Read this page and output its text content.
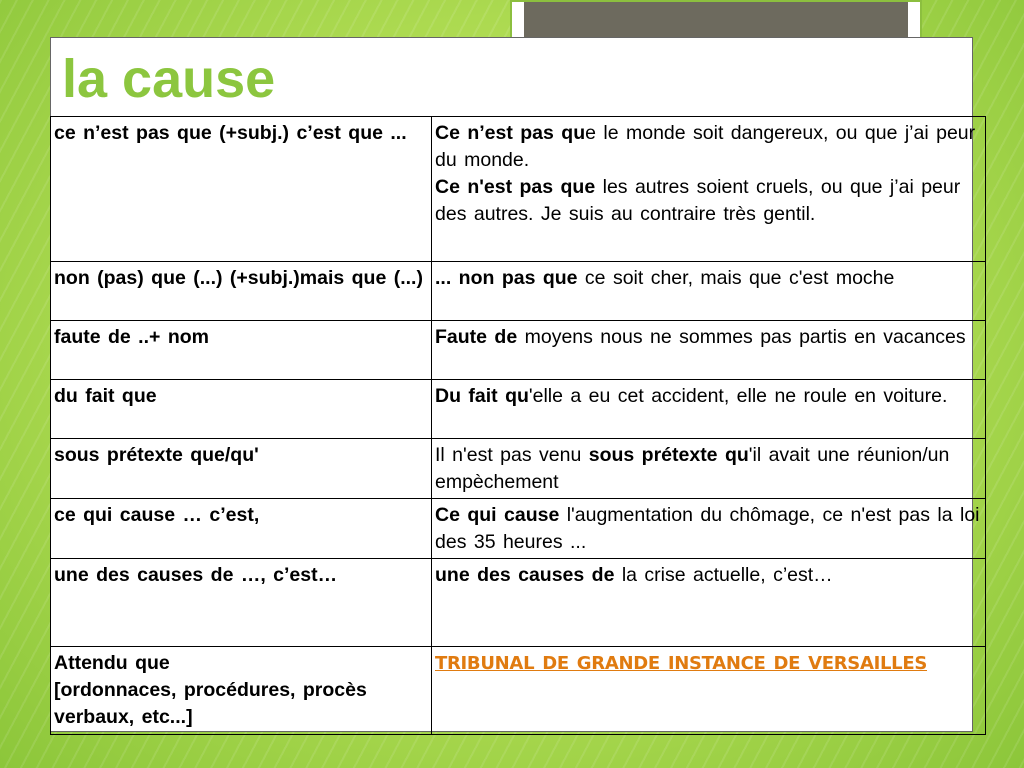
la cause
ce n’est pas que (+subj.) c’est que ...	Ce n’est pas que le monde soit dangereux, ou que j’ai peur du monde.
Ce n'est pas que les autres soient cruels, ou que j’ai peur des autres. Je suis au contraire très gentil.
non (pas) que (...) (+subj.)mais que (...)	... non pas que ce soit cher, mais que c'est moche
faute de ..+ nom	Faute de moyens nous ne sommes pas partis en vacances
du fait que	Du fait qu'elle a eu cet accident, elle ne roule en voiture.
sous prétexte que/qu'	Il n'est pas venu sous prétexte qu'il avait une réunion/un empèchement
ce qui cause … c’est,	Ce qui cause l'augmentation du chômage, ce n'est pas la loi des 35 heures ...
une des causes de …, c’est…	une des causes de la crise actuelle, c’est…
Attendu que
[ordonnaces, procédures, procès verbaux, etc...]	TRIBUNAL DE GRANDE INSTANCE DE VERSAILLES
